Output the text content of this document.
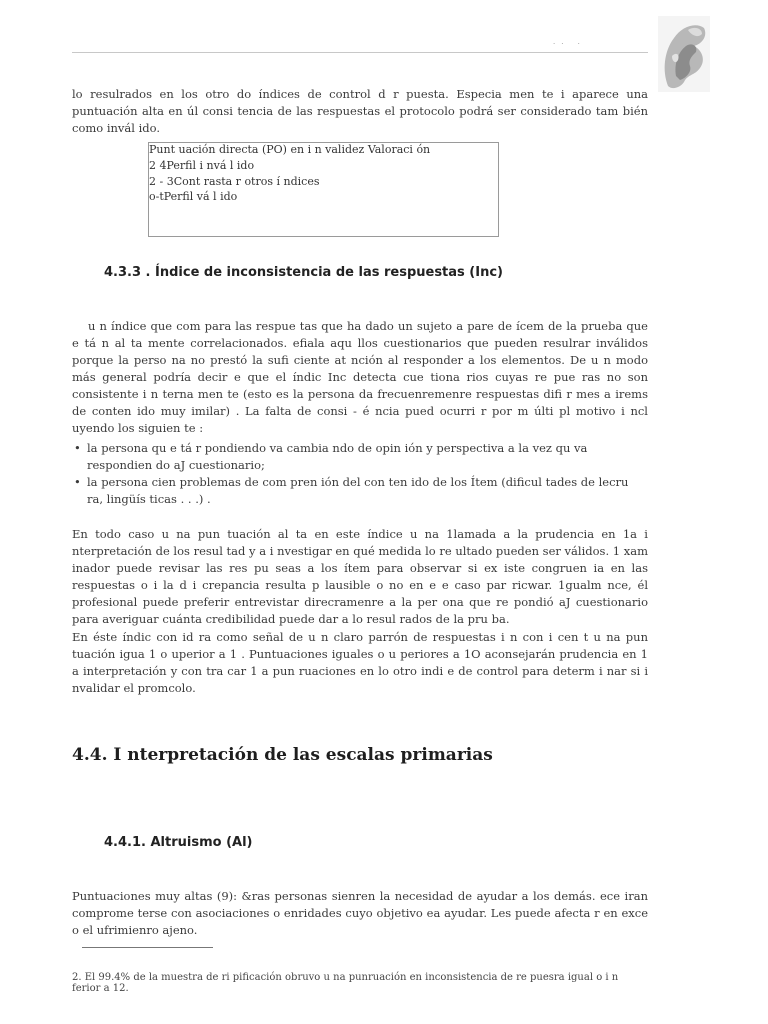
·· ·
lo resulrados en los otro do índices de control d r puesta. Especia men te i aparece una puntuación alta en úl consi tencia de las respuestas el protocolo podrá ser considerado tam bién como invál ido.
Punt uación directa (PO) en i n validez Valoraci ón
2 4Perfil i nvá l ido
2 - 3Cont rasta r otros í ndices
o-tPerfil vá l ido
4.3.3 . Índice de inconsistencia de las respuestas (Inc)
u n índice que com para las respue tas que ha dado un sujeto a pare de ícem de la prueba que e tá n al ta mente correlacionados. efiala aqu llos cuestionarios que pueden resulrar inválidos porque la perso na no prestó la sufi ciente at nción al responder a los elementos. De u n modo más general podría decir e que el índic Inc detecta cue tiona rios cuyas re pue ras no son consistente i n terna men te (esto es la persona da frecuenremenre respuestas difi r mes a irems de conten ido muy imilar) . La falta de consi - é ncia pued ocurri r por m últi pl motivo i ncl uyendo los siguien te :
• la persona qu e tá r pondiendo va cambia ndo de opin ión y perspectiva a la vez qu va respondien do aJ cuestionario;
• la persona cien problemas de com pren ión del con ten ido de los Ítem (dificul tades de lecru ra, lingüís ticas . . .) .
En todo caso u na pun tuación al ta en este índice u na 1lamada a la prudencia en 1a i nterpretación de los resul tad y a i nvestigar en qué medida lo re ultado pueden ser válidos. 1 xam inador puede revisar las res pu seas a los ítem para observar si ex iste congruen ia en las respuestas o i la d i crepancia resulta p lausible o no en e e caso par ricwar. 1gualm nce, él profesional puede preferir entrevistar direcramenre a la per ona que re pondió aJ cuestionario para averiguar cuánta credibilidad puede dar a lo resul rados de la pru ba.
En éste índic con id ra como señal de u n claro parrón de respuestas i n con i cen t u na pun tuación igua 1 o uperior a 1 . Puntuaciones iguales o u periores a 1O aconsejarán prudencia en 1 a interpretación y con tra car 1 a pun ruaciones en lo otro indi e de control para determ i nar si i nvalidar el promcolo.
4.4. I nterpretación de las escalas primarias
4.4.1. Altruismo (Al)
Puntuaciones muy altas (9): &ras personas sienren la necesidad de ayudar a los demás. ece iran comprome terse con asociaciones o enridades cuyo objetivo ea ayudar. Les puede afecta r en exce o el ufrimienro ajeno.
2. El 99.4% de la muestra de ri pificación obruvo u na punruación en inconsistencia de re puesra igual o i n ferior a 12.
